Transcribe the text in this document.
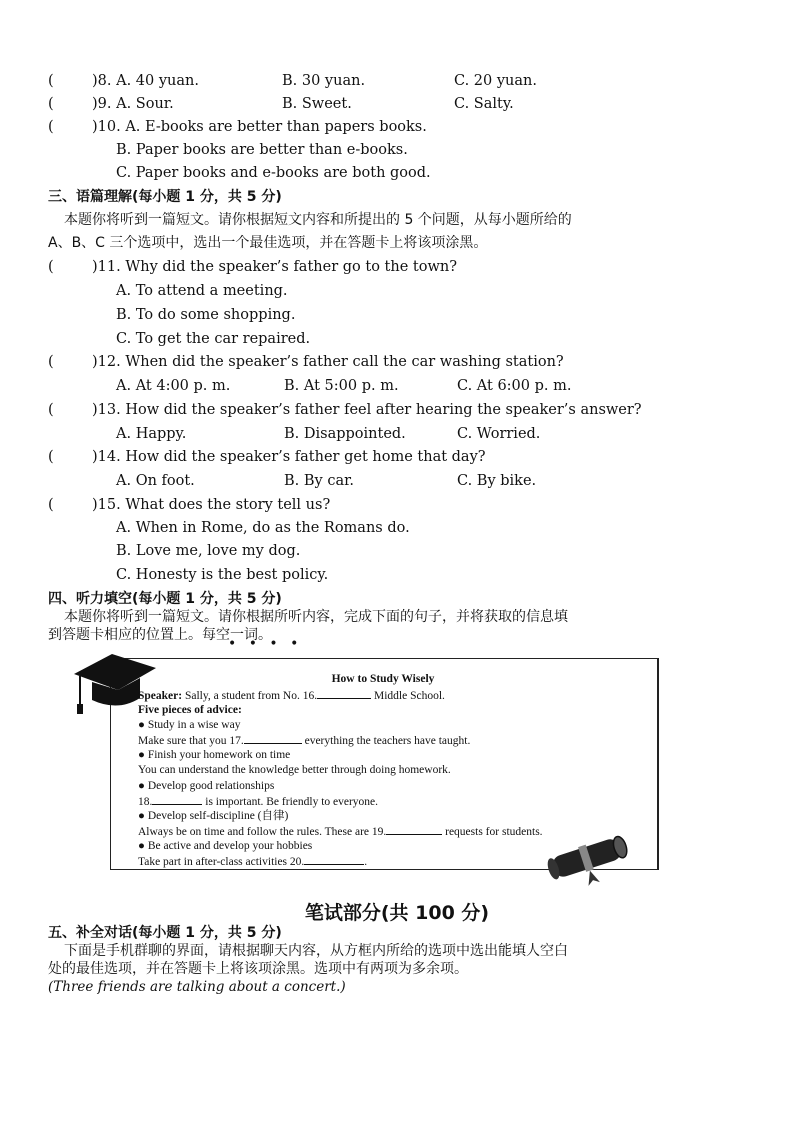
(	)8. A. 40 yuan.	B. 30 yuan.	C. 20 yuan.
(	)9. A. Sour.	B. Sweet.	C. Salty.
(	)10. A. E-books are better than papers books.
B. Paper books are better than e-books.
C. Paper books and e-books are both good.
三、语篇理解(每小题 1 分，共 5 分)
本题你将听到一篇短文。请你根据短文内容和所提出的 5 个问题，从每小题所给的
A、B、C 三个选项中，选出一个最佳选项，并在答题卡上将该项涂黑。
(	)11. Why did the speaker’s father go to the town?
A. To attend a meeting.
B. To do some shopping.
C. To get the car repaired.
(	)12. When did the speaker’s father call the car washing station?
A. At 4:00 p. m.	B. At 5:00 p. m.	C. At 6:00 p. m.
(	)13. How did the speaker’s father feel after hearing the speaker’s answer?
A. Happy.	B. Disappointed.	C. Worried.
(	)14. How did the speaker’s father get home that day?
A. On foot.	B. By car.	C. By bike.
(	)15. What does the story tell us?
A. When in Rome, do as the Romans do.
B. Love me, love my dog.
C. Honesty is the best policy.
四、听力填空(每小题 1 分，共 5 分)
本题你将听到一篇短文。请你根据所听内容，完成下面的句子，并将获取的信息填
到答题卡相应的位置上。每空一词。
• • • •
How to Study Wisely
Speaker: Sally, a student from No. 16.	Middle School.
Five pieces of advice:
● Study in a wise way
Make sure that you 17.	everything the teachers have taught.
● Finish your homework on time
You can understand the knowledge better through doing homework.
● Develop good relationships
18.	is important. Be friendly to everyone.
● Develop self-discipline (自律)
Always be on time and follow the rules. These are 19.	requests for students.
● Be active and develop your hobbies
Take part in after-class activities 20.	.
笔试部分(共 100 分)
五、补全对话(每小题 1 分，共 5 分)
下面是手机群聊的界面，请根据聊天内容，从方框内所给的选项中选出能填人空白
处的最佳选项，并在答题卡上将该项涂黑。选项中有两项为多余项。
(Three friends are talking about a concert.)
